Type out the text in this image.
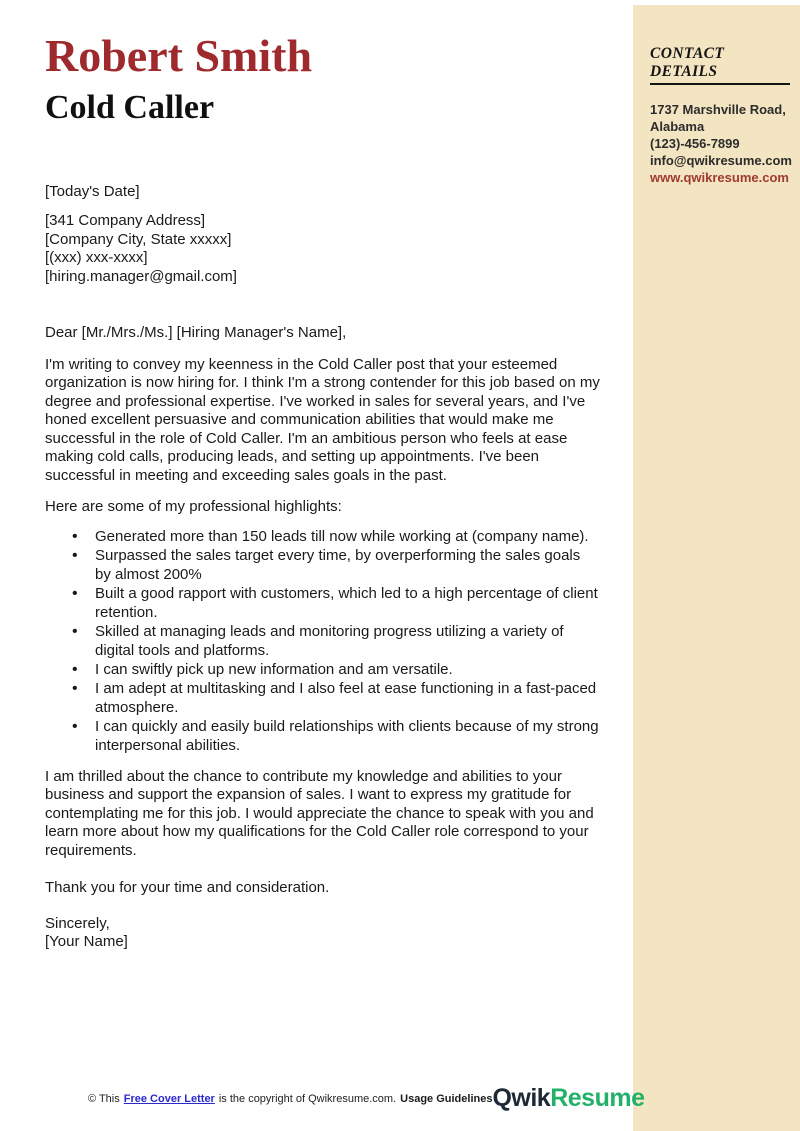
CONTACT DETAILS
1737 Marshville Road,
Alabama
(123)-456-7899
info@qwikresume.com
www.qwikresume.com
Robert Smith
Cold Caller
[Today's Date]
[341 Company Address]
[Company City, State xxxxx]
[(xxx) xxx-xxxx]
[hiring.manager@gmail.com]
Dear [Mr./Mrs./Ms.] [Hiring Manager's Name],

I'm writing to convey my keenness in the Cold Caller post that your esteemed organization is now hiring for. I think I'm a strong contender for this job based on my degree and professional expertise. I've worked in sales for several years, and I've honed excellent persuasive and communication abilities that would make me successful in the role of Cold Caller. I'm an ambitious person who feels at ease making cold calls, producing leads, and setting up appointments. I've been successful in meeting and exceeding sales goals in the past.

Here are some of my professional highlights:
• Generated more than 150 leads till now while working at (company name).
• Surpassed the sales target every time, by overperforming the sales goals by almost 200%
• Built a good rapport with customers, which led to a high percentage of client retention.
• Skilled at managing leads and monitoring progress utilizing a variety of digital tools and platforms.
• I can swiftly pick up new information and am versatile.
• I am adept at multitasking and I also feel at ease functioning in a fast-paced atmosphere.
• I can quickly and easily build relationships with clients because of my strong interpersonal abilities.

I am thrilled about the chance to contribute my knowledge and abilities to your business and support the expansion of sales. I want to express my gratitude for contemplating me for this job. I would appreciate the chance to speak with you and learn more about how my qualifications for the Cold Caller role correspond to your requirements.

Thank you for your time and consideration.
Sincerely,
[Your Name]
© This Free Cover Letter is the copyright of Qwikresume.com. Usage Guidelines QwikResume
